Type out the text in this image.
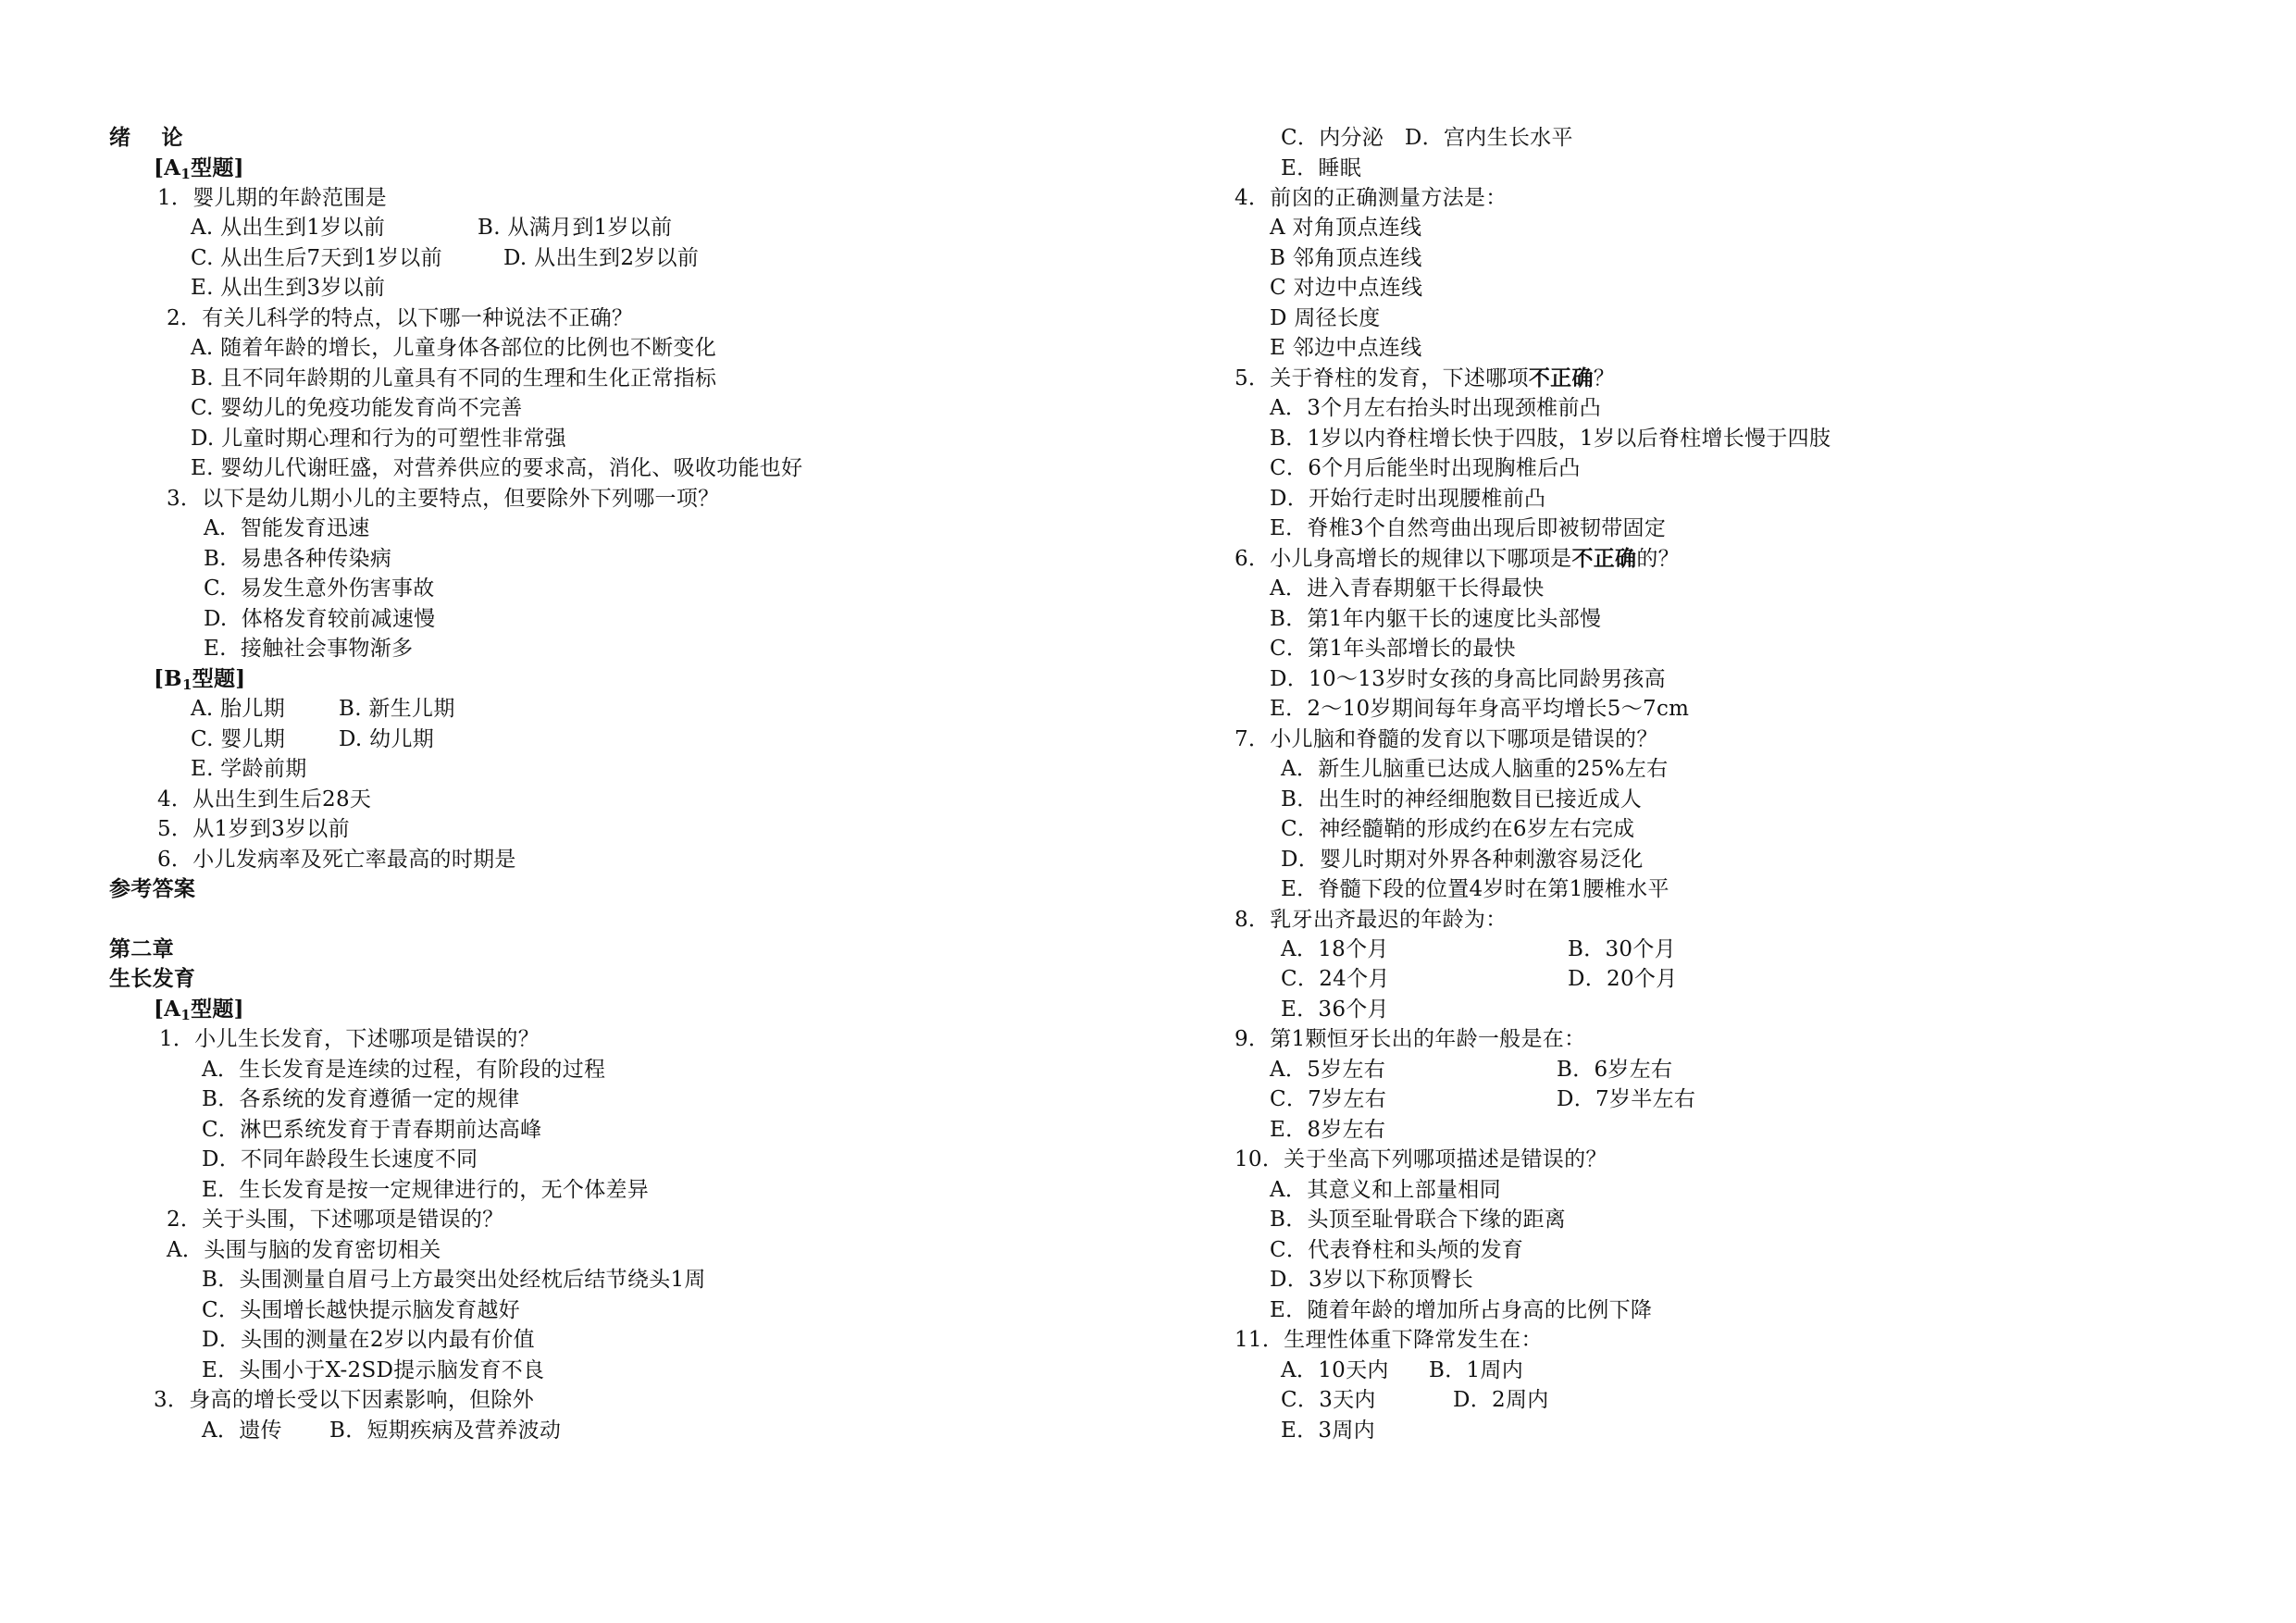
绪    论
[$A_1$型题]
1．婴儿期的年龄范围是
A. 从出生到1岁以前	B. 从满月到1岁以前
C. 从出生后7天到1岁以前	D. 从出生到2岁以前
E. 从出生到3岁以前
2．有关儿科学的特点，以下哪一种说法不正确？
A. 随着年龄的增长，儿童身体各部位的比例也不断变化
B. 且不同年龄期的儿童具有不同的生理和生化正常指标
C. 婴幼儿的免疫功能发育尚不完善
D. 儿童时期心理和行为的可塑性非常强
E. 婴幼儿代谢旺盛，对营养供应的要求高，消化、吸收功能也好
3．以下是幼儿期小儿的主要特点，但要除外下列哪一项？
A.  智能发育迅速
B.  易患各种传染病
C.  易发生意外伤害事故
D.  体格发育较前减速慢
E.  接触社会事物渐多
[$B_1$型题]
A. 胎儿期	B. 新生儿期
C. 婴儿期	D. 幼儿期
E. 学龄前期
4．从出生到生后28天
5．从1岁到3岁以前
6．小儿发病率及死亡率最高的时期是
参考答案
第二章
生长发育
[$A_1$型题]
1．小儿生长发育，下述哪项是错误的？
A．生长发育是连续的过程，有阶段的过程
B．各系统的发育遵循一定的规律
C．淋巴系统发育于青春期前达高峰
D．不同年龄段生长速度不同
E．生长发育是按一定规律进行的，无个体差异
2．关于头围，下述哪项是错误的？
A．头围与脑的发育密切相关
B．头围测量自眉弓上方最突出处经枕后结节绕头1周
C．头围增长越快提示脑发育越好
D．头围的测量在2岁以内最有价值
E．头围小于X-2SD提示脑发育不良
3．身高的增长受以下因素影响，但除外
A．遗传 B．短期疾病及营养波动
C．内分泌   D．宫内生长水平
E．睡眠
4．前囟的正确测量方法是：
A 对角顶点连线
B 邻角顶点连线
C 对边中点连线
D 周径长度
E 邻边中点连线
5．关于脊柱的发育，下述哪项不正确？
A．3个月左右抬头时出现颈椎前凸
B．1岁以内脊柱增长快于四肢，1岁以后脊柱增长慢于四肢
C．6个月后能坐时出现胸椎后凸
D．开始行走时出现腰椎前凸
E．脊椎3个自然弯曲出现后即被韧带固定
6．小儿身高增长的规律以下哪项是不正确的？
A．进入青春期躯干长得最快
B．第1年内躯干长的速度比头部慢
C．第1年头部增长的最快
D．10～13岁时女孩的身高比同龄男孩高
E．2～10岁期间每年身高平均增长5～7cm
7．小儿脑和脊髓的发育以下哪项是错误的？
A．新生儿脑重已达成人脑重的25%左右
B．出生时的神经细胞数目已接近成人
C．神经髓鞘的形成约在6岁左右完成
D．婴儿时期对外界各种刺激容易泛化
E．脊髓下段的位置4岁时在第1腰椎水平
8．乳牙出齐最迟的年龄为：
A．18个月	B．30个月
C．24个月	D．20个月
E．36个月
9．第1颗恒牙长出的年龄一般是在：
A．5岁左右	B．6岁左右
C．7岁左右	D．7岁半左右
E．8岁左右
10．关于坐高下列哪项描述是错误的？
A．其意义和上部量相同
B．头顶至耻骨联合下缘的距离
C．代表脊柱和头颅的发育
D．3岁以下称顶臀长
E．随着年龄的增加所占身高的比例下降
11．生理性体重下降常发生在：
A．10天内 B．1周内
C．3天内	D．2周内
E．3周内
